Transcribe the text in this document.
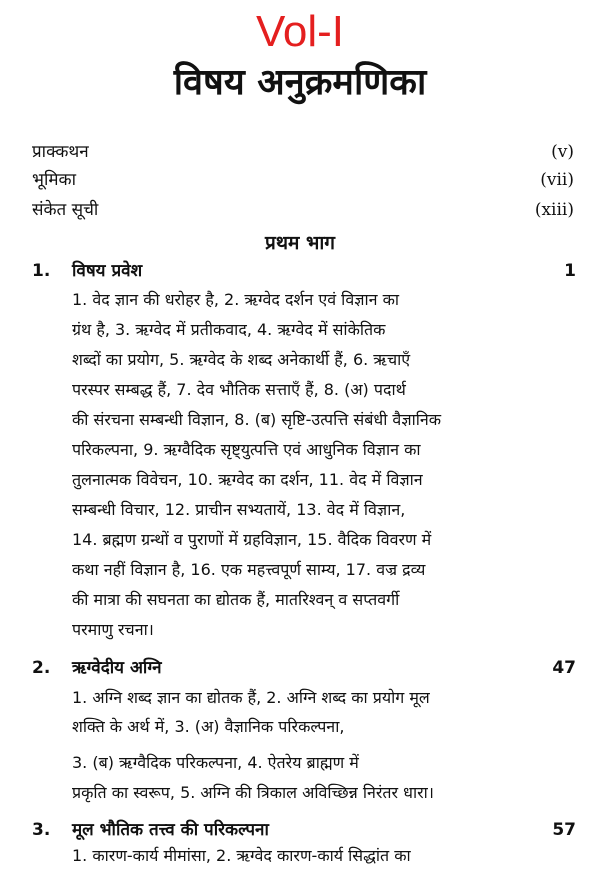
Vol-I
विषय अनुक्रमणिका
प्राक्कथन	(v)
भूमिका	(vii)
संकेत सूची	(xiii)
प्रथम भाग
1. विषय प्रवेश	1
1. वेद ज्ञान की धरोहर है, 2. ऋग्वेद दर्शन एवं विज्ञान का
ग्रंथ है, 3. ऋग्वेद में प्रतीकवाद, 4. ऋग्वेद में सांकेतिक
शब्दों का प्रयोग, 5. ऋग्वेद के शब्द अनेकार्थी हैं, 6. ऋचाएँ
परस्पर सम्बद्ध हैं, 7. देव भौतिक सत्ताएँ हैं, 8. (अ) पदार्थ
की संरचना सम्बन्धी विज्ञान, 8. (ब) सृष्टि-उत्पत्ति संबंधी वैज्ञानिक
परिकल्पना, 9. ऋग्वैदिक सृष्ट्युत्पत्ति एवं आधुनिक विज्ञान का
तुलनात्मक विवेचन, 10. ऋग्वेद का दर्शन, 11. वेद में विज्ञान
सम्बन्धी विचार, 12. प्राचीन सभ्यतायें, 13. वेद में विज्ञान,
14. ब्रह्मण ग्रन्थों व पुराणों में ग्रहविज्ञान, 15. वैदिक विवरण में
कथा नहीं विज्ञान है, 16. एक महत्त्वपूर्ण साम्य, 17. वज्र द्रव्य
की मात्रा की सघनता का द्योतक हैं, मातरिश्वन् व सप्तवर्गी
परमाणु रचना।
2. ऋग्वेदीय अग्नि	47
1. अग्नि शब्द ज्ञान का द्योतक हैं, 2. अग्नि शब्द का प्रयोग मूल
शक्ति के अर्थ में, 3. (अ) वैज्ञानिक परिकल्पना,
3. (ब) ऋग्वैदिक परिकल्पना, 4. ऐतरेय ब्राह्मण में
प्रकृति का स्वरूप, 5. अग्नि की त्रिकाल अविच्छिन्न निरंतर धारा।
3. मूल भौतिक तत्त्व की परिकल्पना	57
1. कारण-कार्य मीमांसा, 2. ऋग्वेद कारण-कार्य सिद्धांत का
